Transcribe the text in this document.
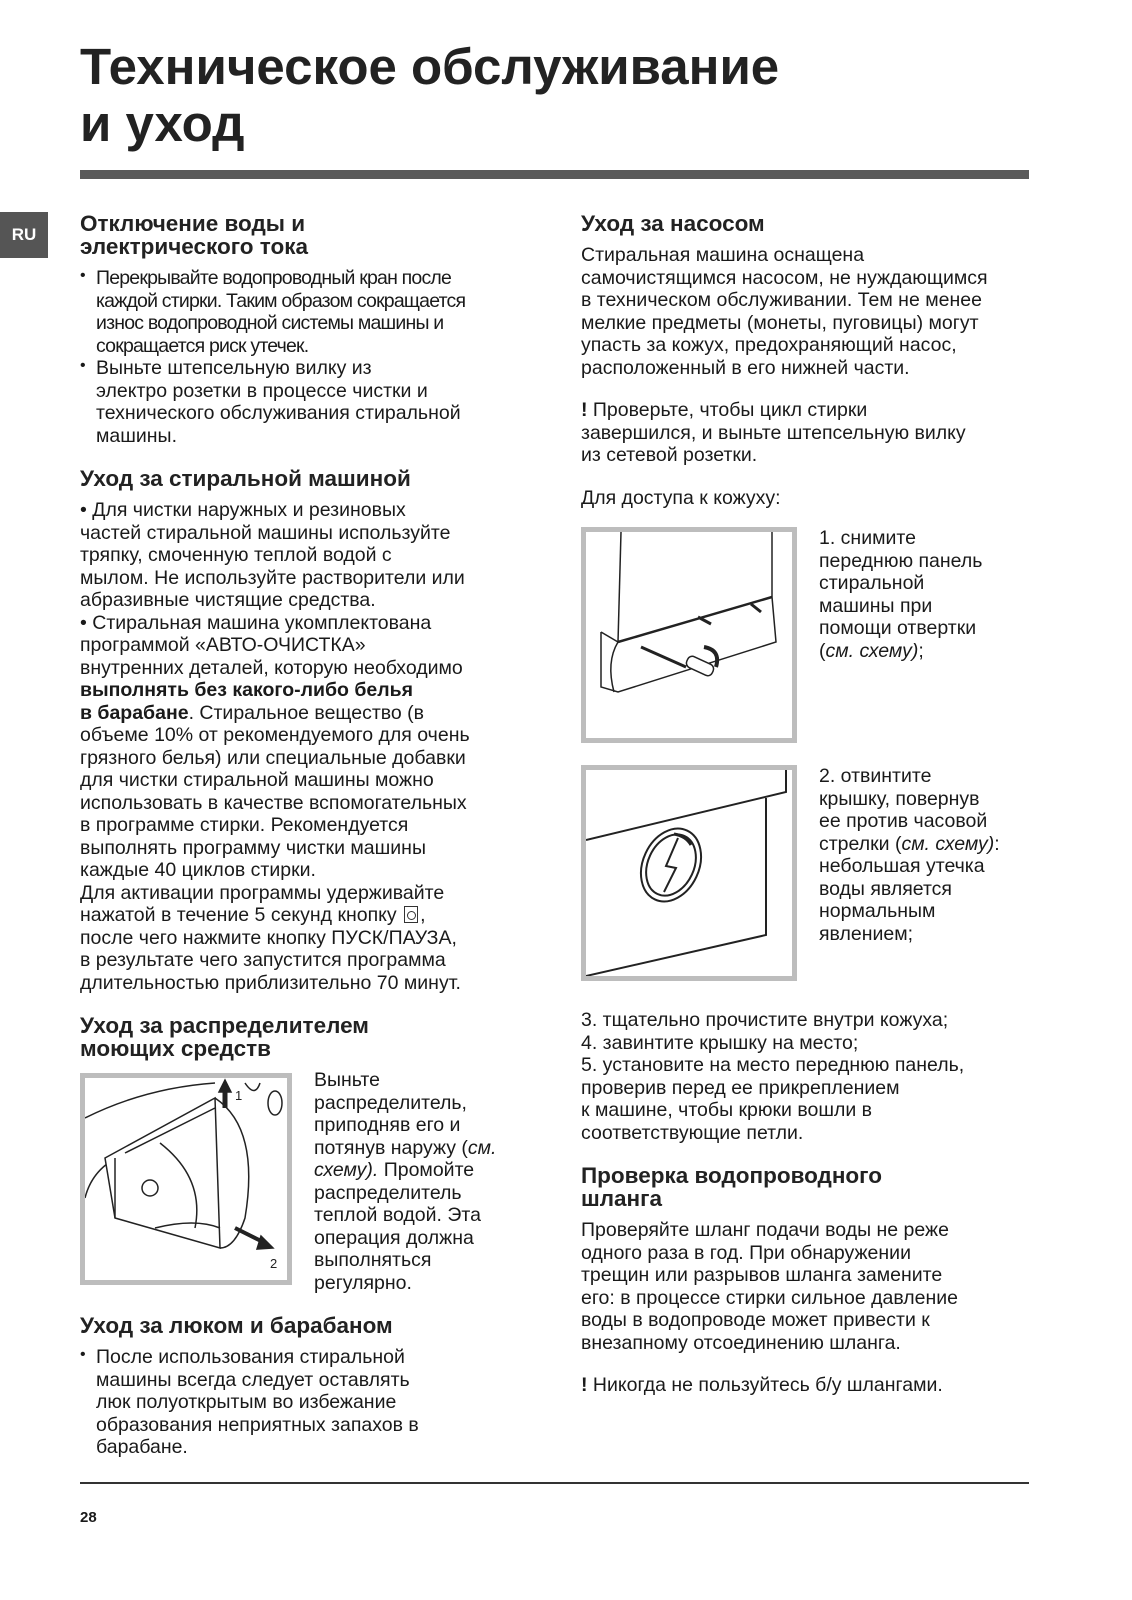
Техническое обслуживание
и уход
RU	Отключение воды и
электрического тока
• Перекрывайте водопроводный кран после
каждой стирки. Таким образом сокращается
износ водопроводной системы машины и
сокращается риск утечек.

• Выньте штепсельную вилку из
электро розетки в процессе чистки и
технического обслуживания стиральной
машины.

Уход за стиральной машиной

• Для чистки наружных и резиновых
частей стиральной машины используйте
тряпку, смоченную теплой водой с
мылом. Не используйте растворители или
абразивные чистящие средства.
• Стиральная машина укомплектована
программой «АВТО-ОЧИСТКА»
внутренних деталей, которую необходимо
выполнять без какого-либо белья
в барабане. Стиральное вещество (в
объеме 10% от рекомендуемого для очень
грязного белья) или специальные добавки
для чистки стиральной машины можно
использовать в качестве вспомогательных
в программе стирки. Рекомендуется
выполнять программу чистки машины
каждые 40 циклов стирки.
Для активации программы удерживайте
нажатой в течение 5 секунд кнопку ,
после чего нажмите кнопку ПУСК/ПАУЗА,
в результате чего запустится программа
длительностью приблизительно 70 минут.

Уход за распределителем
моющих средств
1
2

Выньте
распределитель,
приподняв его и
потянув наружу (см.
схему). Промойте
распределитель
теплой водой. Эта
операция должна
выполняться
регулярно.

Уход за люком и барабаном
• После использования стиральной
машины всегда следует оставлять
люк полуоткрытым во избежание
образования неприятных запахов в
барабане.

Уход за насосом

Стиральная машина оснащена
самочистящимся насосом, не нуждающимся
в техническом обслуживании. Тем не менее
мелкие предметы (монеты, пуговицы) могут
упасть за кожух, предохраняющий насос,
расположенный в его нижней части.

! Проверьте, чтобы цикл стирки
завершился, и выньте штепсельную вилку
из сетевой розетки.

Для доступа к кожуху:

1. снимите
переднюю панель
стиральной
машины при
помощи отвертки
(см. схему);

2. отвинтите
крышку, повернув
ее против часовой
стрелки (см. схему):
небольшая утечка
воды является
нормальным
явлением;

3. тщательно прочистите внутри кожуха;
4. завинтите крышку на место;
5. установите на место переднюю панель,
проверив перед ее прикреплением
к машине, чтобы крюки вошли в
соответствующие петли.

Проверка водопроводного
шланга

Проверяйте шланг подачи воды не реже
одного раза в год. При обнаружении
трещин или разрывов шланга замените
его: в процессе стирки сильное давление
воды в водопроводе может привести к
внезапному отсоединению шланга.

! Никогда не пользуйтесь б/у шлангами.

28
